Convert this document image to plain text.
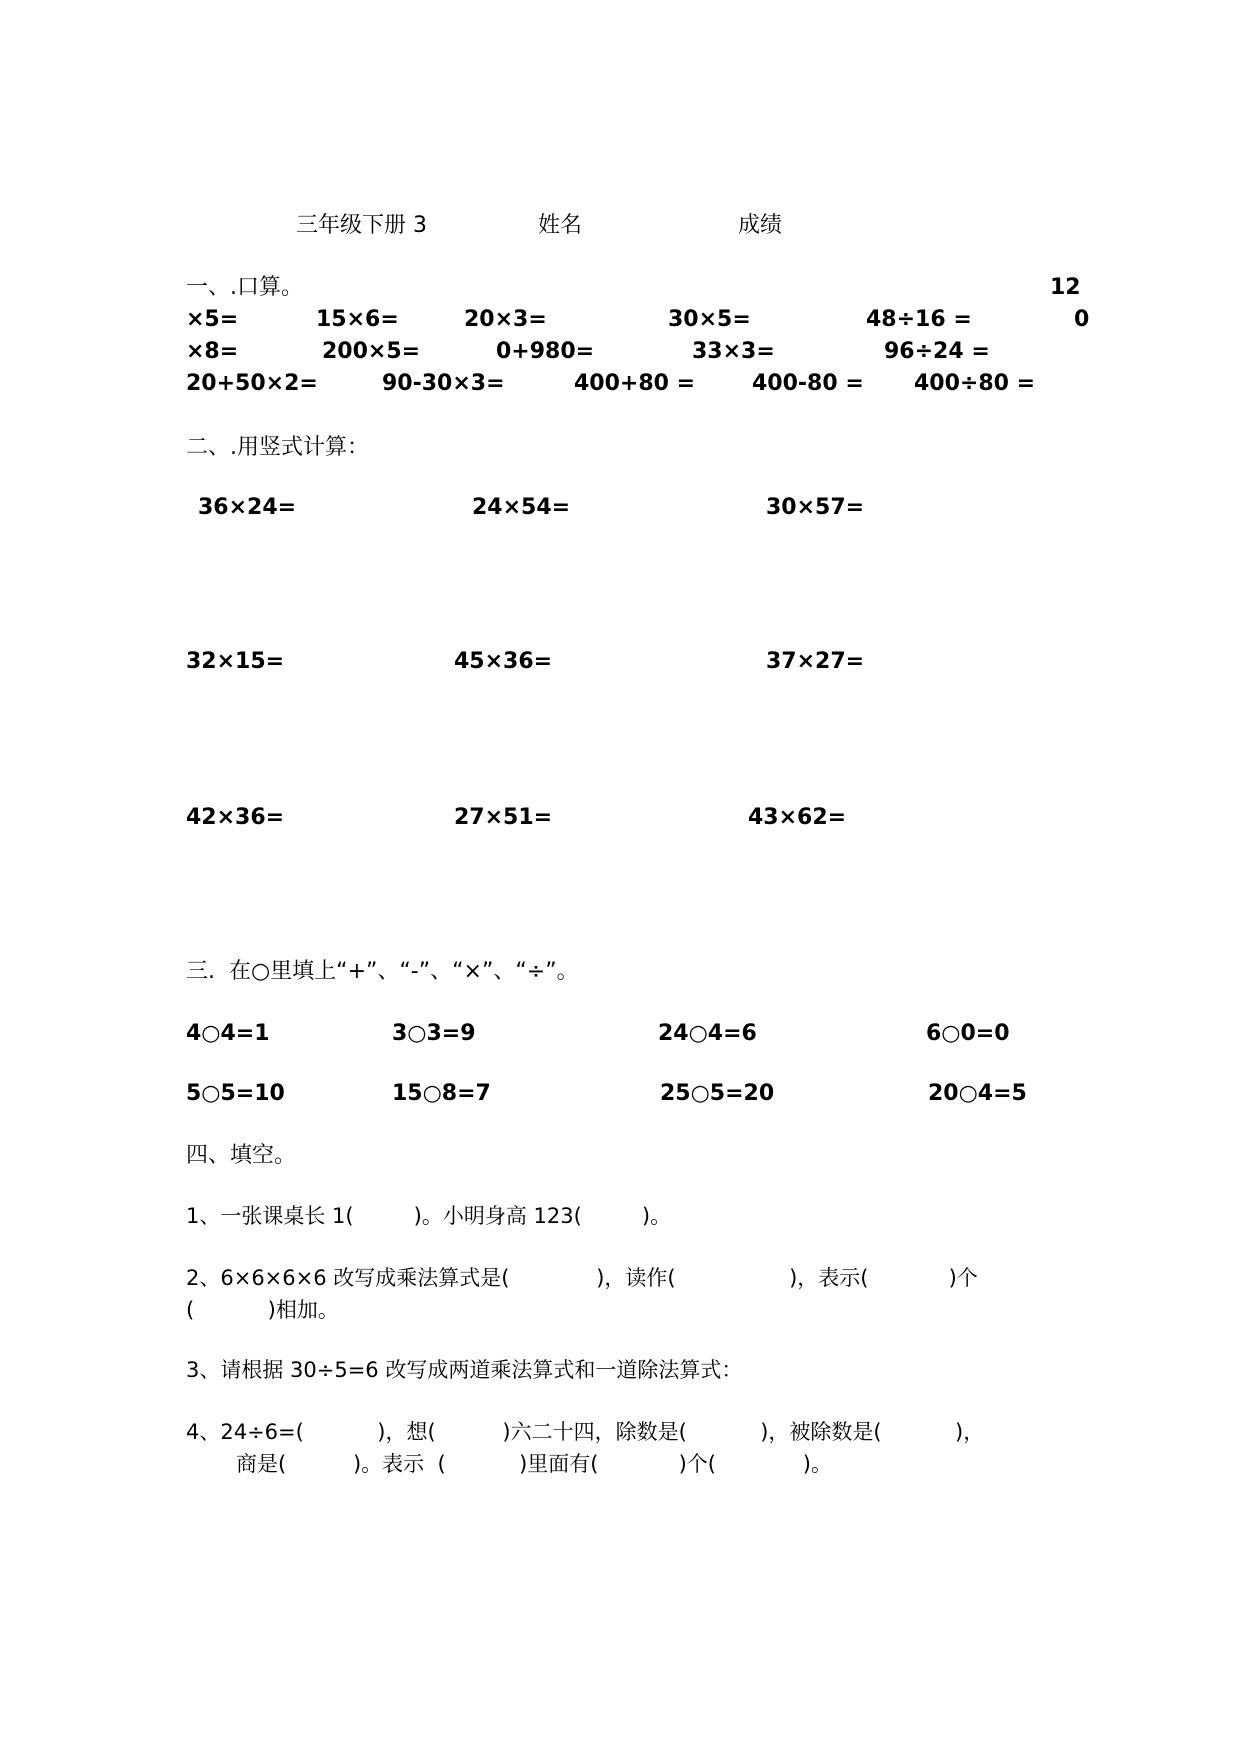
三年级下册 3	姓名	成绩
一、.口算。	12
×5=	15×6=	20×3=	30×5=	48÷16 =	0
×8=	200×5=	0+980=	33×3=	96÷24 =
20+50×2=	90-30×3=	400+80 =	400-80 = 400÷80 =
二、.用竖式计算：
36×24=	24×54=	30×57=
32×15=	45×36=	37×27=
42×36=	27×51=	43×62=
三.  在○里填上“+”、“-”、“×”、“÷”。
4○4=1	3○3=9	24○4=6	6○0=0
5○5=10	15○8=7	25○5=20	20○4=5
四、填空。
1、一张课桌长 1(         )。小明身高 123(         )。
2、6×6×6×6 改写成乘法算式是(             )，读作(                 )，表示(            )个
(           )相加。
3、请根据 30÷5=6 改写成两道乘法算式和一道除法算式：
4、24÷6=(           )，想(          )六二十四，除数是(           )，被除数是(           )，
商是(          )。表示  (           )里面有(            )个(             )。
